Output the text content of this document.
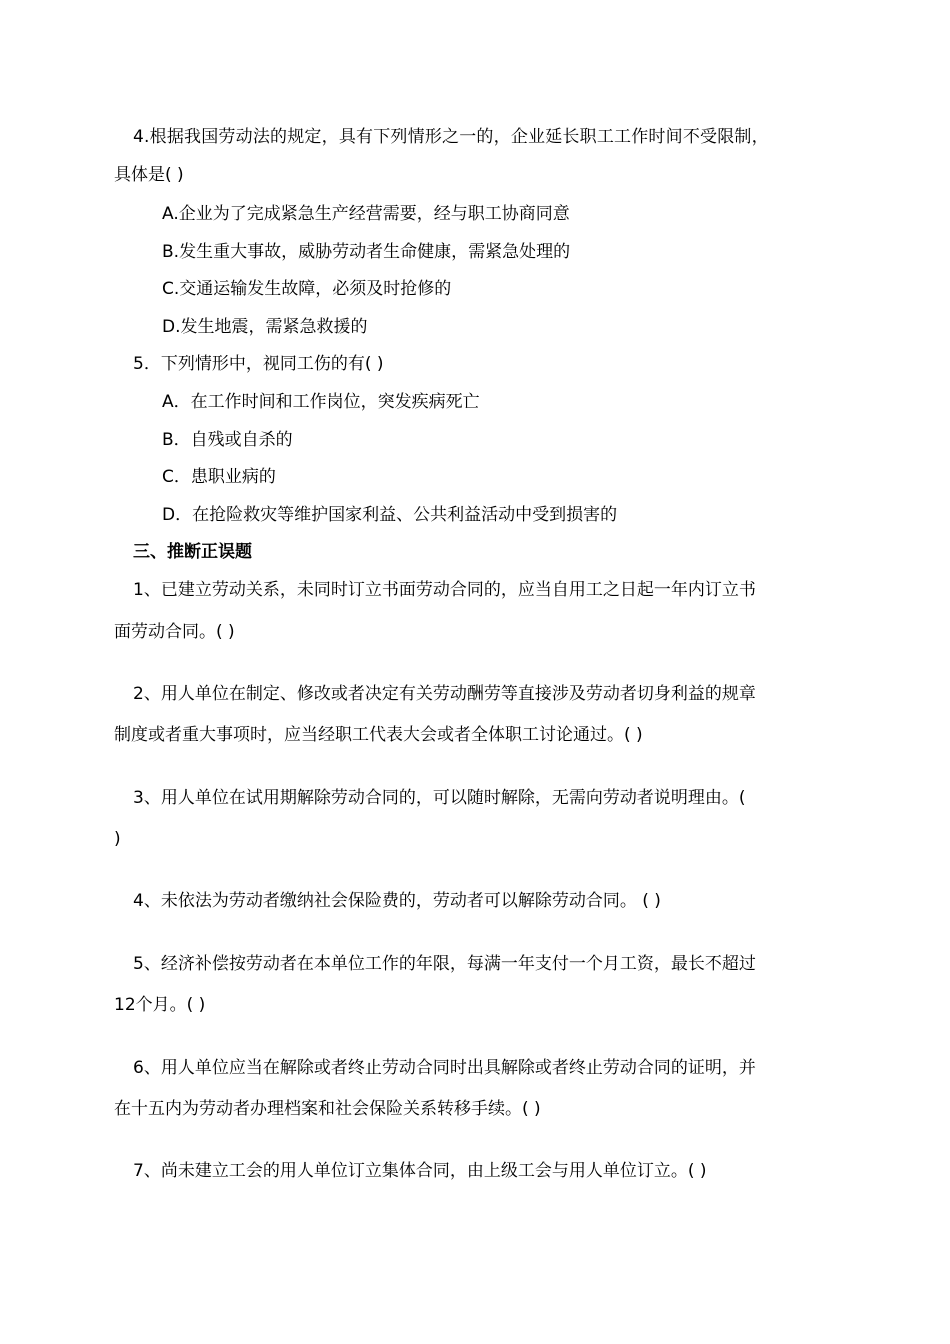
4.根据我国劳动法的规定，具有下列情形之一的，企业延长职工工作时间不受限制，
具体是( )
A.企业为了完成紧急生产经营需要，经与职工协商同意
B.发生重大事故，威胁劳动者生命健康，需紧急处理的
C.交通运输发生故障，必须及时抢修的
D.发生地震，需紧急救援的
5．下列情形中，视同工伤的有( )
A．在工作时间和工作岗位，突发疾病死亡
B．自残或自杀的
C．患职业病的
D．在抢险救灾等维护国家利益、公共利益活动中受到损害的
三、推断正误题
1、已建立劳动关系，未同时订立书面劳动合同的，应当自用工之日起一年内订立书
面劳动合同。( )
2、用人单位在制定、修改或者决定有关劳动酬劳等直接涉及劳动者切身利益的规章
制度或者重大事项时，应当经职工代表大会或者全体职工讨论通过。( )
3、用人单位在试用期解除劳动合同的，可以随时解除，无需向劳动者说明理由。(
)
4、未依法为劳动者缴纳社会保险费的，劳动者可以解除劳动合同。 ( )
5、经济补偿按劳动者在本单位工作的年限，每满一年支付一个月工资，最长不超过
12个月。( )
6、用人单位应当在解除或者终止劳动合同时出具解除或者终止劳动合同的证明，并
在十五内为劳动者办理档案和社会保险关系转移手续。( )
7、尚未建立工会的用人单位订立集体合同，由上级工会与用人单位订立。( )
